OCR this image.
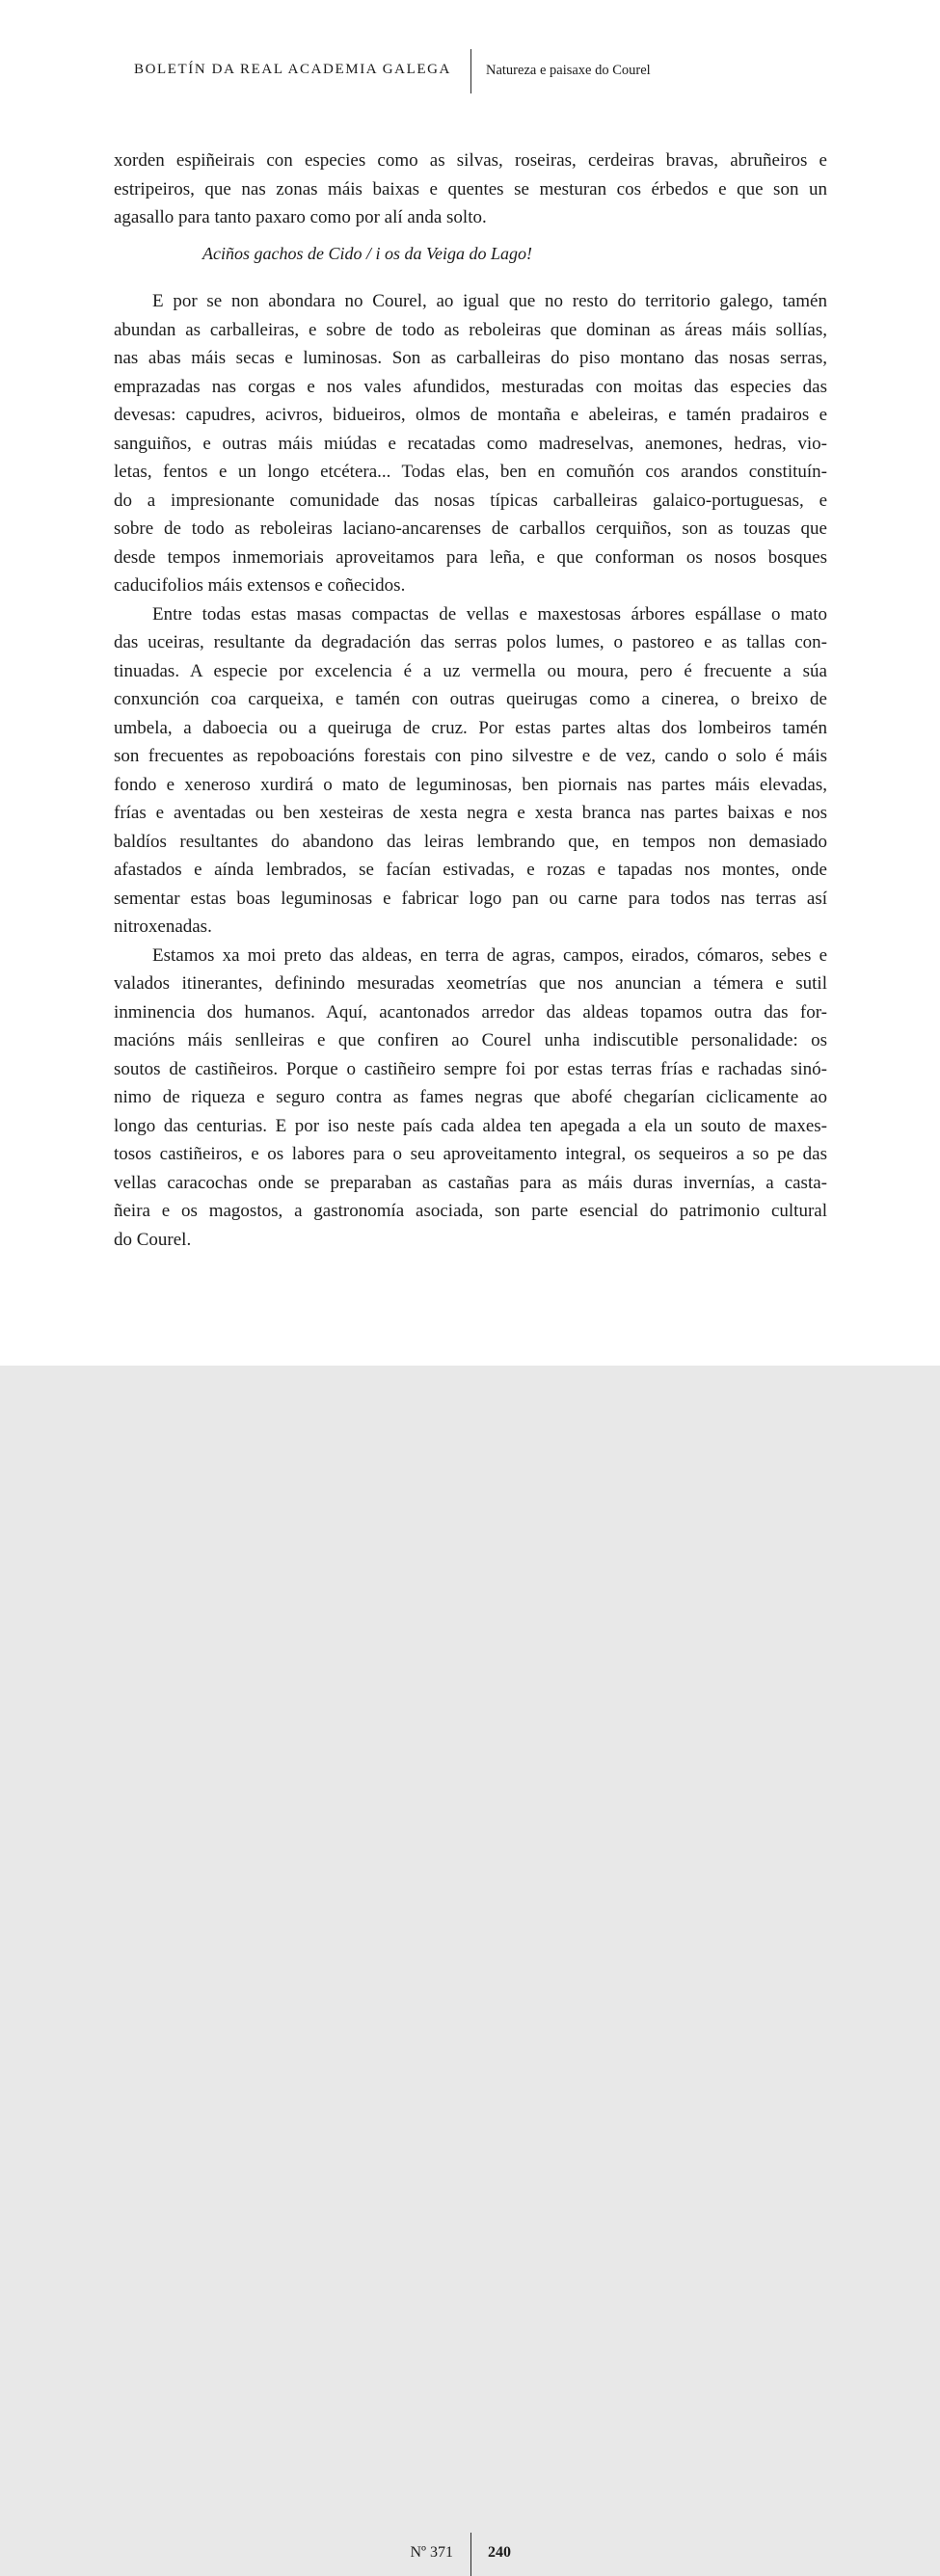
BOLETÍN DA REAL ACADEMIA GALEGA Natureza e paisaxe do Courel
xorden espiñeirais con especies como as silvas, roseiras, cerdeiras bravas, abruñeiros e
estripeiros, que nas zonas máis baixas e quentes se mesturan cos érbedos e que son un
agasallo para tanto paxaro como por alí anda solto.
Aciños gachos de Cido / i os da Veiga do Lago!
E por se non abondara no Courel, ao igual que no resto do territorio galego, tamén
abundan as carballeiras, e sobre de todo as reboleiras que dominan as áreas máis sollías,
nas abas máis secas e luminosas. Son as carballeiras do piso montano das nosas serras,
emprazadas nas corgas e nos vales afundidos, mesturadas con moitas das especies das
devesas: capudres, acivros, bidueiros, olmos de montaña e abeleiras, e tamén pradairos e
sanguiños, e outras máis miúdas e recatadas como madreselvas, anemones, hedras, vio-
letas, fentos e un longo etcétera... Todas elas, ben en comuñón cos arandos constituín-
do a impresionante comunidade das nosas típicas carballeiras galaico-portuguesas, e
sobre de todo as reboleiras laciano-ancarenses de carballos cerquiños, son as touzas que
desde tempos inmemoriais aproveitamos para leña, e que conforman os nosos bosques
caducifolios máis extensos e coñecidos.
Entre todas estas masas compactas de vellas e maxestosas árbores espállase o mato
das uceiras, resultante da degradación das serras polos lumes, o pastoreo e as tallas con-
tinuadas. A especie por excelencia é a uz vermella ou moura, pero é frecuente a súa
conxunción coa carqueixa, e tamén con outras queirugas como a cinerea, o breixo de
umbela, a daboecia ou a queiruga de cruz. Por estas partes altas dos lombeiros tamén
son frecuentes as repoboacións forestais con pino silvestre e de vez, cando o solo é máis
fondo e xeneroso xurdirá o mato de leguminosas, ben piornais nas partes máis elevadas,
frías e aventadas ou ben xesteiras de xesta negra e xesta branca nas partes baixas e nos
baldíos resultantes do abandono das leiras lembrando que, en tempos non demasiado
afastados e aínda lembrados, se facían estivadas, e rozas e tapadas nos montes, onde
sementar estas boas leguminosas e fabricar logo pan ou carne para todos nas terras así
nitroxenadas.
Estamos xa moi preto das aldeas, en terra de agras, campos, eirados, cómaros, sebes e
valados itinerantes, definindo mesuradas xeometrías que nos anuncian a témera e sutil
inminencia dos humanos. Aquí, acantonados arredor das aldeas topamos outra das for-
macións máis senlleiras e que confiren ao Courel unha indiscutible personalidade: os
soutos de castiñeiros. Porque o castiñeiro sempre foi por estas terras frías e rachadas sinó-
nimo de riqueza e seguro contra as fames negras que abofé chegarían ciclicamente ao
longo das centurias. E por iso neste país cada aldea ten apegada a ela un souto de maxes-
tosos castiñeiros, e os labores para o seu aproveitamento integral, os sequeiros a so pe das
vellas caracochas onde se preparaban as castañas para as máis duras invernías, a casta-
ñeira e os magostos, a gastronomía asociada, son parte esencial do patrimonio cultural
do Courel.
Nº 371 240
